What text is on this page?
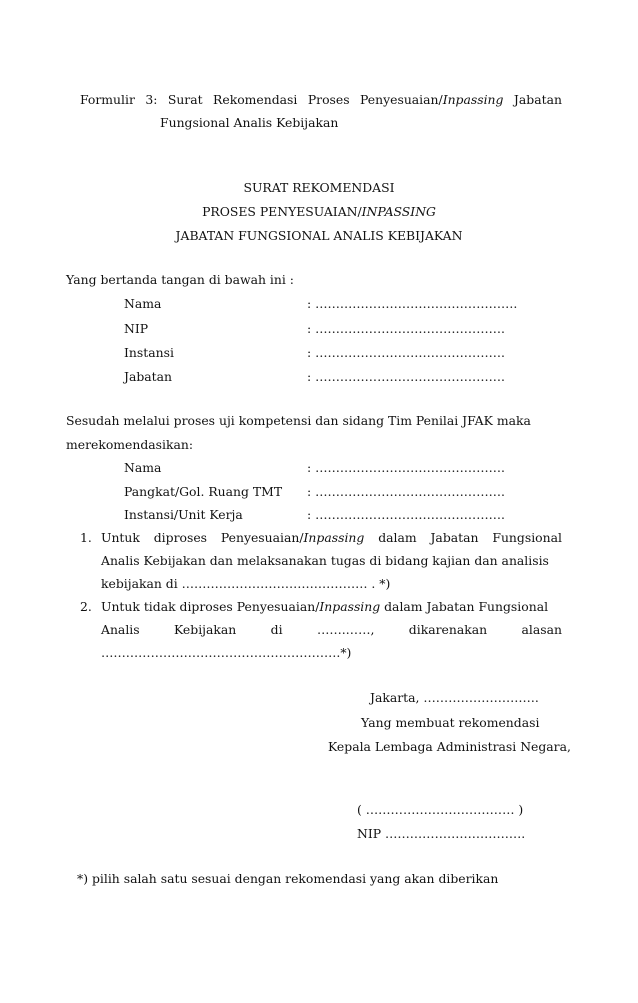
Formulir 3: Surat Rekomendasi Proses Penyesuaian/Inpassing Jabatan
Fungsional Analis Kebijakan
SURAT REKOMENDASI
PROSES PENYESUAIAN/INPASSING
JABATAN FUNGSIONAL ANALIS KEBIJAKAN
Yang bertanda tangan di bawah ini :
Nama	: ………………………………………….
NIP	: ……………………………………….
Instansi	: ……………………………………….
Jabatan	: ……………………………………….
Sesudah melalui proses uji kompetensi dan sidang Tim Penilai JFAK maka
merekomendasikan:
Nama	: ……………………………………….
Pangkat/Gol. Ruang TMT : ……………………………………….
Instansi/Unit Kerja	: ……………………………………….
1. Untuk diproses Penyesuaian/Inpassing dalam Jabatan Fungsional
Analis Kebijakan dan melaksanakan tugas di bidang kajian dan analisis
kebijakan di ……………………………………… . *)
2. Untuk tidak diproses Penyesuaian/Inpassing dalam Jabatan Fungsional
Analis	Kebijakan	di	…….……,	dikarenakan	alasan
………………………………………………….*)
Jakarta, ……………………….
Yang membuat rekomendasi
Kepala Lembaga Administrasi Negara,
( ……………………………… )
NIP …………………………….
*) pilih salah satu sesuai dengan rekomendasi yang akan diberikan
